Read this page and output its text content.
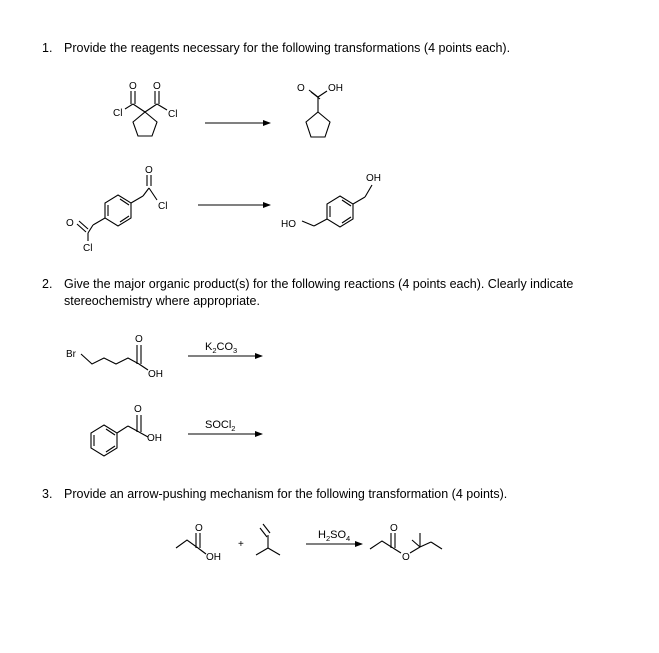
1. Provide the reagents necessary for the following transformations (4 points each).
2. Give the major organic product(s) for the following reactions (4 points each). Clearly indicate stereochemistry where appropriate.
3. Provide an arrow-pushing mechanism for the following transformation (4 points).
O
Cl
O
Cl
O OH
O
Cl
O
Cl
OH
HO
Br
O
OH
$K_2CO_3$
O
OH
SOCl$_2$
O
OH
+
$H_2SO_4$
O
O
